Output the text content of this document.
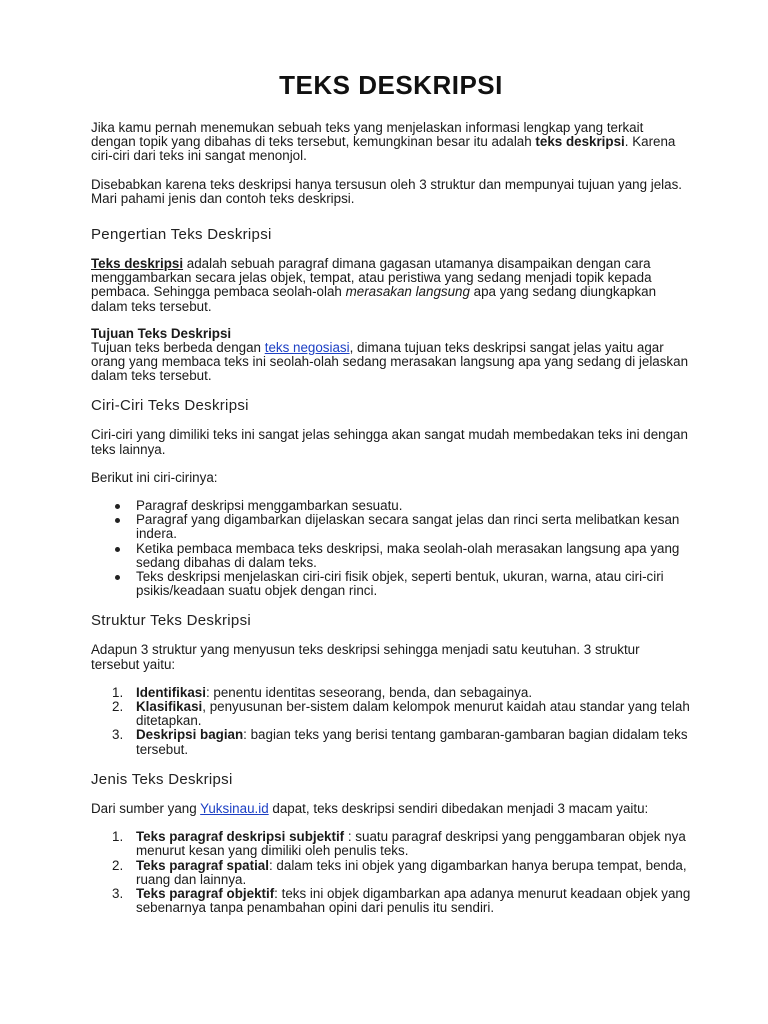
TEKS DESKRIPSI

Jika kamu pernah menemukan sebuah teks yang menjelaskan informasi lengkap yang terkait dengan topik yang dibahas di teks tersebut, kemungkinan besar itu adalah teks deskripsi. Karena ciri-ciri dari teks ini sangat menonjol.

Disebabkan karena teks deskripsi hanya tersusun oleh 3 struktur dan mempunyai tujuan yang jelas. Mari pahami jenis dan contoh teks deskripsi.

Pengertian Teks Deskripsi

Teks deskripsi adalah sebuah paragraf dimana gagasan utamanya disampaikan dengan cara menggambarkan secara jelas objek, tempat, atau peristiwa yang sedang menjadi topik kepada pembaca. Sehingga pembaca seolah-olah merasakan langsung apa yang sedang diungkapkan dalam teks tersebut.

Tujuan Teks Deskripsi

Tujuan teks berbeda dengan teks negosiasi, dimana tujuan teks deskripsi sangat jelas yaitu agar orang yang membaca teks ini seolah-olah sedang merasakan langsung apa yang sedang di jelaskan dalam teks tersebut.

Ciri-Ciri Teks Deskripsi

Ciri-ciri yang dimiliki teks ini sangat jelas sehingga akan sangat mudah membedakan teks ini dengan teks lainnya.

Berikut ini ciri-cirinya:

Paragraf deskripsi menggambarkan sesuatu.
Paragraf yang digambarkan dijelaskan secara sangat jelas dan rinci serta melibatkan kesan indera.
Ketika pembaca membaca teks deskripsi, maka seolah-olah merasakan langsung apa yang sedang dibahas di dalam teks.
Teks deskripsi menjelaskan ciri-ciri fisik objek, seperti bentuk, ukuran, warna, atau ciri-ciri psikis/keadaan suatu objek dengan rinci.
Struktur Teks Deskripsi

Adapun 3 struktur yang menyusun teks deskripsi sehingga menjadi satu keutuhan. 3 struktur tersebut yaitu:

1. Identifikasi: penentu identitas seseorang, benda, dan sebagainya.
2. Klasifikasi, penyusunan ber-sistem dalam kelompok menurut kaidah atau standar yang telah ditetapkan.
3. Deskripsi bagian: bagian teks yang berisi tentang gambaran-gambaran bagian didalam teks tersebut.
Jenis Teks Deskripsi

Dari sumber yang Yuksinau.id dapat, teks deskripsi sendiri dibedakan menjadi 3 macam yaitu:

1. Teks paragraf deskripsi subjektif : suatu paragraf deskripsi yang penggambaran objek nya menurut kesan yang dimiliki oleh penulis teks.
2. Teks paragraf spatial: dalam teks ini objek yang digambarkan hanya berupa tempat, benda, ruang dan lainnya.
3. Teks paragraf objektif: teks ini objek digambarkan apa adanya menurut keadaan objek yang sebenarnya tanpa penambahan opini dari penulis itu sendiri.
